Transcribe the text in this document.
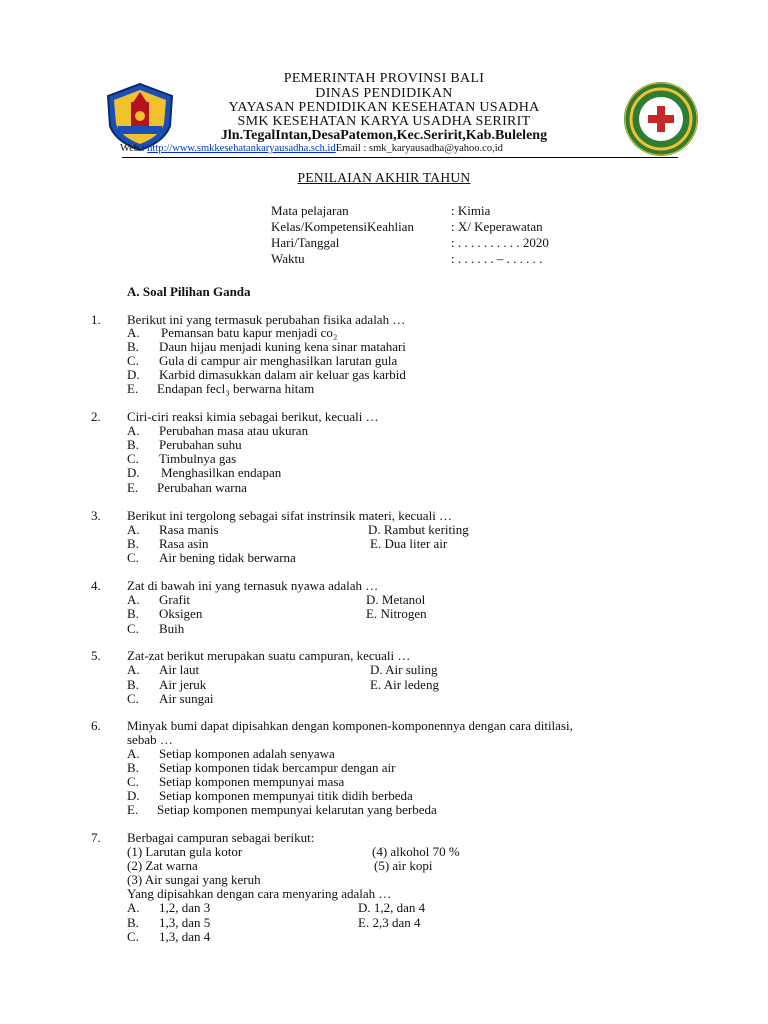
PEMERINTAH PROVINSI BALI
DINAS PENDIDIKAN
YAYASAN PENDIDIKAN KESEHATAN USADHA
SMK KESEHATAN KARYA USADHA SERIRIT
Jln.TegalIntan,DesaPatemon,Kec.Seririt,Kab.Buleleng
Web : http://www.smkkesehatankaryausadha.sch.idEmail : smk_karyausadha@yahoo.co,id
PENILAIAN AKHIR TAHUN
Mata pelajaran	: Kimia
Kelas/KompetensiKeahlian	: X/ Keperawatan
Hari/Tanggal	: . . . . . . . . . . 2020
Waktu	: . . . . . . – . . . . . .
A. Soal Pilihan Ganda
1. Berikut ini yang termasuk perubahan fisika adalah …
A. Pemansan batu kapur menjadi co₂
B. Daun hijau menjadi kuning kena sinar matahari
C. Gula di campur air menghasilkan larutan gula
D. Karbid dimasukkan dalam air keluar gas karbid
E. Endapan fecl₃ berwarna hitam
2. Ciri-ciri reaksi kimia sebagai berikut, kecuali …
A. Perubahan masa atau ukuran
B. Perubahan suhu
C. Timbulnya gas
D. Menghasilkan endapan
E. Perubahan warna
3. Berikut ini tergolong sebagai sifat instrinsik materi, kecuali …
A. Rasa manis	D. Rambut keriting
B. Rasa asin	E. Dua liter air
C. Air bening tidak berwarna
4. Zat di bawah ini yang ternasuk nyawa adalah …
A. Grafit	D. Metanol
B. Oksigen	E. Nitrogen
C. Buih
5. Zat-zat berikut merupakan suatu campuran, kecuali …
A. Air laut	D. Air suling
B. Air jeruk	E. Air ledeng
C. Air sungai
6. Minyak bumi dapat dipisahkan dengan komponen-komponennya dengan cara ditilasi,
sebab …
A. Setiap komponen adalah senyawa
B. Setiap komponen tidak bercampur dengan air
C. Setiap komponen mempunyai masa
D. Setiap komponen mempunyai titik didih berbeda
E. Setiap komponen mempunyai kelarutan yang berbeda
7. Berbagai campuran sebagai berikut:
(1) Larutan gula kotor	(4) alkohol 70 %
(2) Zat warna	(5) air kopi
(3) Air sungai yang keruh
Yang dipisahkan dengan cara menyaring adalah …
A. 1,2, dan 3	D. 1,2, dan 4
B. 1,3, dan 5	E. 2,3 dan 4
C. 1,3, dan 4
